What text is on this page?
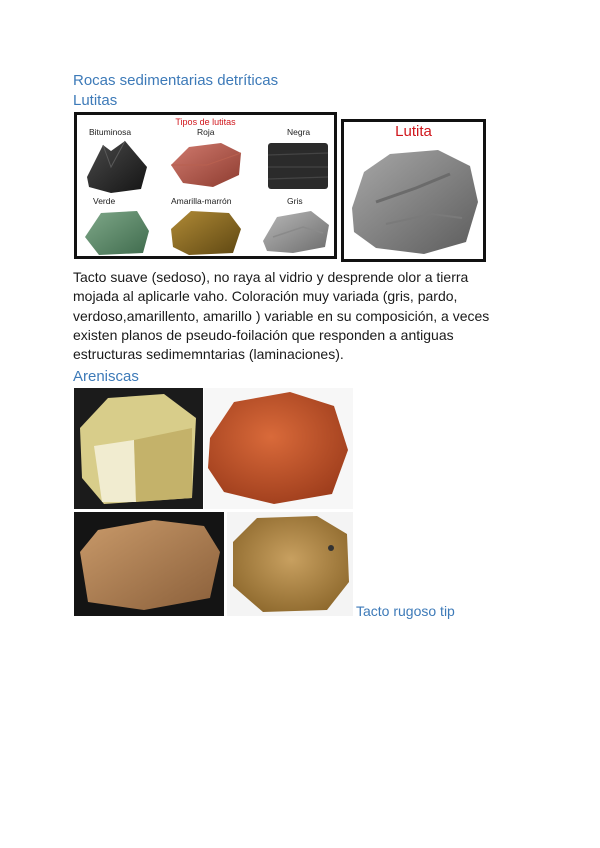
Rocas sedimentarias detríticas
Lutitas
Tipos de lutitas
Bituminosa	Roja	Negra
Verde	Amarilla-marrón	Gris
Lutita
Tacto suave (sedoso), no raya al vidrio y desprende olor a tierra
mojada al aplicarle vaho. Coloración muy variada (gris, pardo,
verdoso,amarillento, amarillo ) variable en su composición, a veces
existen planos de pseudo-foilación que responden a antiguas
estructuras sedimemntarias (laminaciones).
Areniscas
Tacto rugoso tip
